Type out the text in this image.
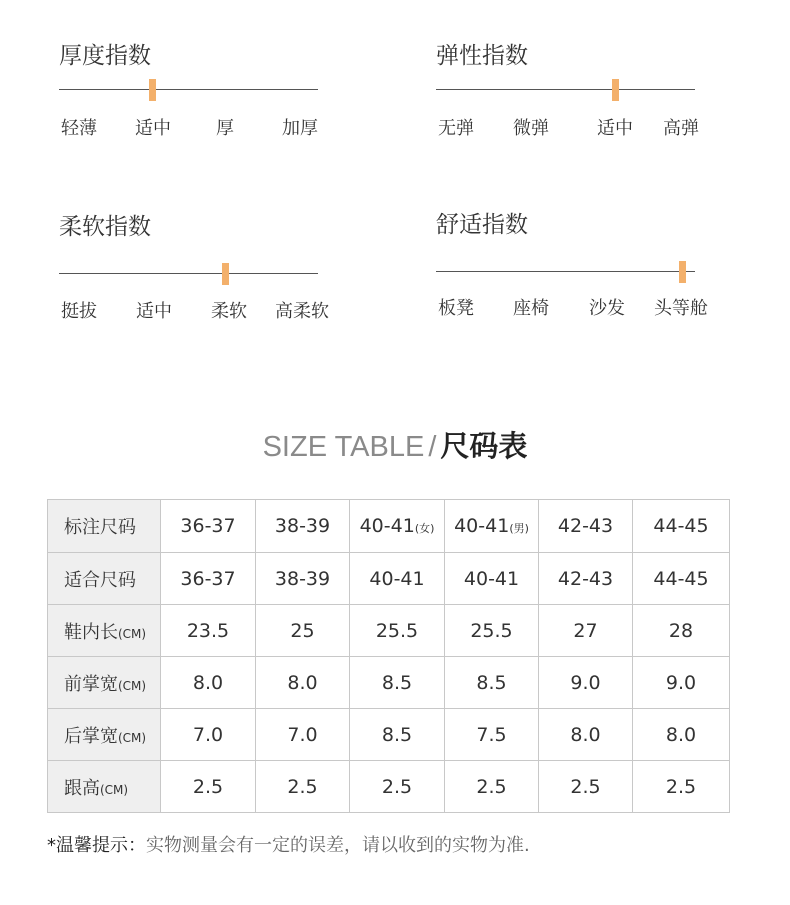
厚度指数
轻薄 适中	厚	加厚
弹性指数
无弹 微弹	适中 高弹
柔软指数
挺拔 适中 柔软 高柔软
舒适指数
板凳 座椅 沙发 头等舱
SIZE TABLE / 尺码表
标注尺码	36-37	38-39	40-41(女)	40-41(男)	42-43	44-45
适合尺码	36-37	38-39	40-41	40-41	42-43	44-45
鞋内长(CM)	23.5	25	25.5	25.5	27	28
前掌宽(CM)	8.0	8.0	8.5	8.5	9.0	9.0
后掌宽(CM)	7.0	7.0	8.5	7.5	8.0	8.0
跟高(CM)	2.5	2.5	2.5	2.5	2.5	2.5
*温馨提示：实物测量会有一定的误差，请以收到的实物为准.
